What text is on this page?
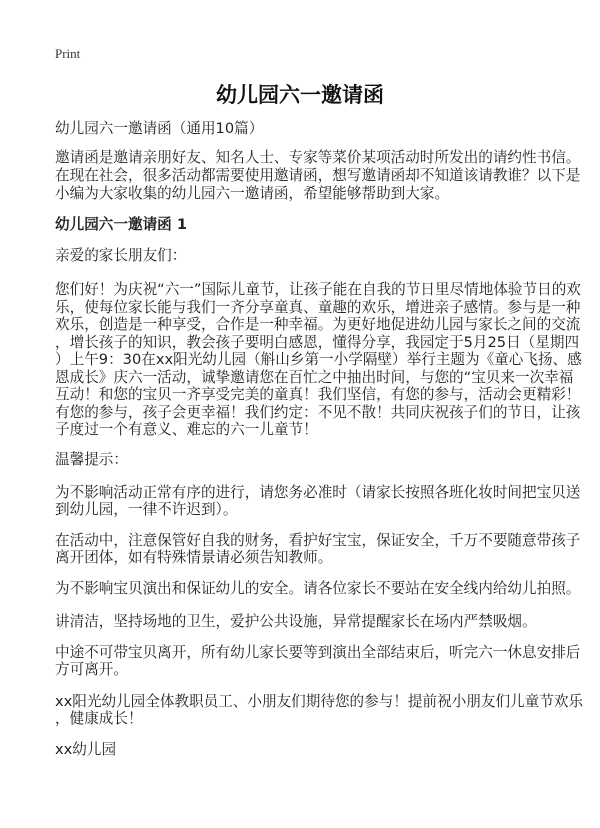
Print
幼儿园六一邀请函
幼儿园六一邀请函（通用10篇）
邀请函是邀请亲朋好友、知名人士、专家等菜价某项活动时所发出的请约性书信。
在现在社会，很多活动都需要使用邀请函，想写邀请函却不知道该请教谁？以下是
小编为大家收集的幼儿园六一邀请函，希望能够帮助到大家。
幼儿园六一邀请函 1
亲爱的家长朋友们：
您们好！为庆祝“六一”国际儿童节，让孩子能在自我的节日里尽情地体验节日的欢
乐，使每位家长能与我们一齐分享童真、童趣的欢乐，增进亲子感情。参与是一种
欢乐，创造是一种享受，合作是一种幸福。为更好地促进幼儿园与家长之间的交流
，增长孩子的知识，教会孩子要明白感恩，懂得分享，我园定于5月25日（星期四
）上午9：30在xx阳光幼儿园（斛山乡第一小学隔壁）举行主题为《童心飞扬、感
恩成长》庆六一活动，诚挚邀请您在百忙之中抽出时间，与您的“宝贝来一次幸福
互动！和您的宝贝一齐享受完美的童真！我们坚信，有您的参与，活动会更精彩！
有您的参与，孩子会更幸福！我们约定：不见不散！共同庆祝孩子们的节日，让孩
子度过一个有意义、难忘的六一儿童节！
温馨提示：
为不影响活动正常有序的进行，请您务必准时（请家长按照各班化妆时间把宝贝送
到幼儿园，一律不许迟到）。
在活动中，注意保管好自我的财务，看护好宝宝，保证安全，千万不要随意带孩子
离开团体，如有特殊情景请必须告知教师。
为不影响宝贝演出和保证幼儿的安全。请各位家长不要站在安全线内给幼儿拍照。
讲清洁，坚持场地的卫生，爱护公共设施，异常提醒家长在场内严禁吸烟。
中途不可带宝贝离开，所有幼儿家长要等到演出全部结束后，听完六一休息安排后
方可离开。
xx阳光幼儿园全体教职员工、小朋友们期待您的参与！提前祝小朋友们儿童节欢乐
，健康成长！
xx幼儿园
